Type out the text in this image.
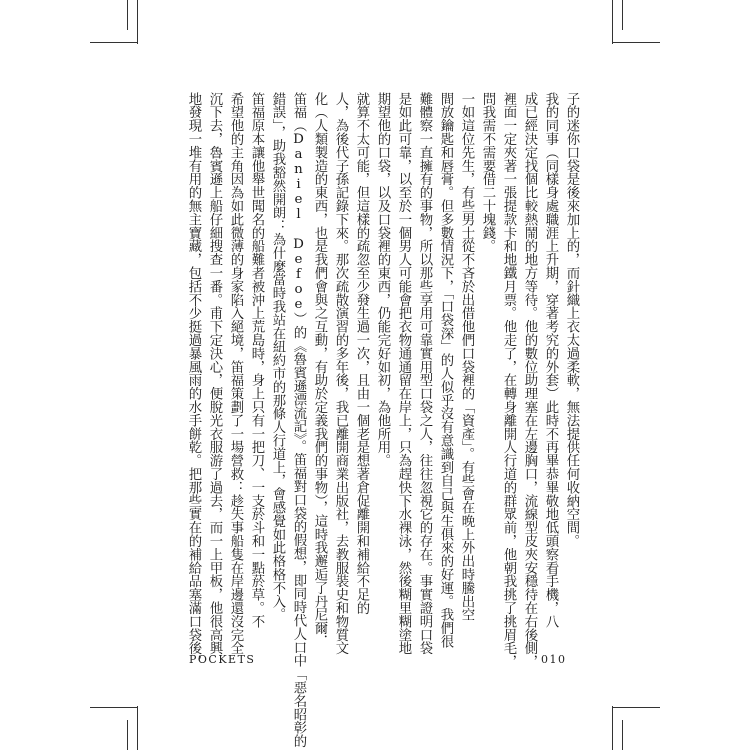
子的迷你口袋是後來加上的，而針織上衣太過柔軟，無法提供任何收納空間。
我的同事（同樣身處職涯上升期，穿著考究的外套）此時不再畢恭畢敬地低頭察看手機，八
成已經決定找個比較熱鬧的地方等待。他的數位助理塞在左邊胸口，流線型皮夾安穩待在右後側，
裡面一定夾著一張提款卡和地鐵月票。他走了，在轉身離開人行道的群眾前，他朝我挑了挑眉毛，
問我需不需要借二十塊錢。
一如這位先生，有些男士從不吝於出借他們口袋裡的「資產」。有些會在晚上外出時騰出空
間放鑰匙和唇膏。但多數情況下，「口袋深」的人似乎沒有意識到自己與生俱來的好運。我們很
難體察一直擁有的事物，所以那些享用可靠實用型口袋之人，往往忽視它的存在。事實證明口袋
是如此可靠，以至於一個男人可能會把衣物通通留在岸上，只為趕快下水裸泳，然後糊里糊塗地
期望他的口袋，以及口袋裡的東西，仍能完好如初，為他所用。
就算不太可能，但這樣的疏忽至少發生過一次，且由一個老是想著倉促離開和補給不足的
人，為後代子孫記錄下來。那次疏散演習的多年後，我已離開商業出版社，去教服裝史和物質文
化（人類製造的東西，也是我們會與之互動，有助於定義我們的事物），這時我邂逅了丹尼爾．
笛福（Daniel Defoe）的《魯賓遜漂流記》。笛福對口袋的假想，即同時代人口中「惡名昭彰的
錯誤」，助我豁然開朗：為什麼當時我站在紐約市的那條人行道上，會感覺如此格格不入。
笛福原本讓他舉世聞名的船難者被沖上荒島時，身上只有一把刀、一支菸斗和一點菸草。不
希望他的主角因為如此微薄的身家陷入絕境，笛福策劃了一場營救：趁失事船隻在岸邊還沒完全
沉下去，魯賓遜上船仔細搜查一番。甫下定決心，便脫光衣服游了過去，而一上甲板，他很高興
地發現一堆有用的無主寶藏，包括不少挺過暴風雨的水手餅乾。把那些實在的補給品塞滿口袋後，
POCKETS	010
